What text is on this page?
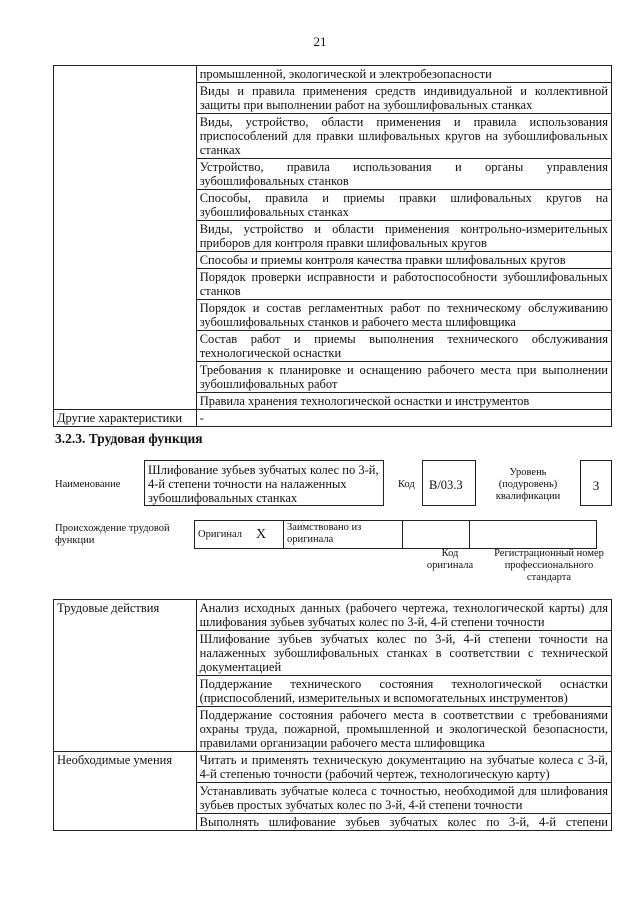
21
	промышленной, экологической и электробезопасности
	Виды и правила применения средств индивидуальной и коллективной защиты при выполнении работ на зубошлифовальных станках
	Виды, устройство, области применения и правила использования приспособлений для правки шлифовальных кругов на зубошлифовальных станках
	Устройство, правила использования и органы управления зубошлифовальных станков
	Способы, правила и приемы правки шлифовальных кругов на зубошлифовальных станках
	Виды, устройство и области применения контрольно-измерительных приборов для контроля правки шлифовальных кругов
	Способы и приемы контроля качества правки шлифовальных кругов
	Порядок проверки исправности и работоспособности зубошлифовальных станков
	Порядок и состав регламентных работ по техническому обслуживанию зубошлифовальных станков и рабочего места шлифовщика
	Состав работ и приемы выполнения технического обслуживания технологической оснастки
	Требования к планировке и оснащению рабочего места при выполнении зубошлифовальных работ
	Правила хранения технологической оснастки и инструментов
Другие характеристики	-
3.2.3. Трудовая функция
Наименование
Шлифование зубьев зубчатых колес по 3-й, 4-й степени точности на налаженных зубошлифовальных станках
Код	B/03.3
Уровень (подуровень) квалификации
3
Происхождение трудовой функции
Оригинал	X	Заимствовано из оригинала		
Код оригинала
Регистрационный номер профессионального стандарта
Трудовые действия	Анализ исходных данных (рабочего чертежа, технологической карты) для шлифования зубьев зубчатых колес по 3-й, 4-й степени точности
	Шлифование зубьев зубчатых колес по 3-й, 4-й степени точности на налаженных зубошлифовальных станках в соответствии с технической документацией
	Поддержание технического состояния технологической оснастки (приспособлений, измерительных и вспомогательных инструментов)
	Поддержание состояния рабочего места в соответствии с требованиями охраны труда, пожарной, промышленной и экологической безопасности, правилами организации рабочего места шлифовщика
Необходимые умения	Читать и применять техническую документацию на зубчатые колеса с 3-й, 4-й степенью точности (рабочий чертеж, технологическую карту)
	Устанавливать зубчатые колеса с точностью, необходимой для шлифования зубьев простых зубчатых колес по 3-й, 4-й степени точности
	Выполнять шлифование зубьев зубчатых колес по 3-й, 4-й степени
